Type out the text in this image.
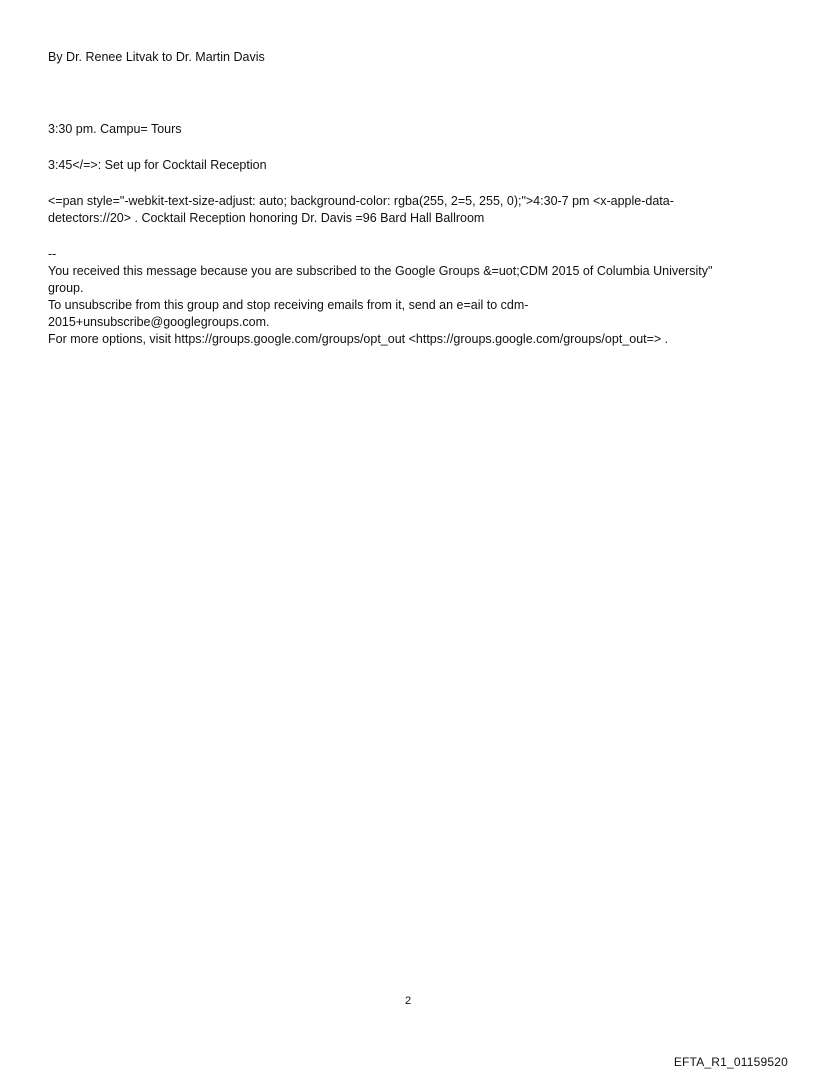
By Dr. Renee Litvak to Dr. Martin Davis
3:30 pm. Campu= Tours
3:45</=>: Set up for Cocktail Reception
<=pan style="-webkit-text-size-adjust: auto; background-color: rgba(255, 2=5, 255, 0);">4:30-7 pm <x-apple-data-
detectors://20> . Cocktail Reception honoring Dr. Davis =96 Bard Hall Ballroom
--
You received this message because you are subscribed to the Google Groups &=uot;CDM 2015 of Columbia University"
group.
To unsubscribe from this group and stop receiving emails from it, send an e=ail to cdm-
2015+unsubscribe@googlegroups.com.
For more options, visit https://groups.google.com/groups/opt_out <https://groups.google.com/groups/opt_out=> .
2
EFTA_R1_01159520
